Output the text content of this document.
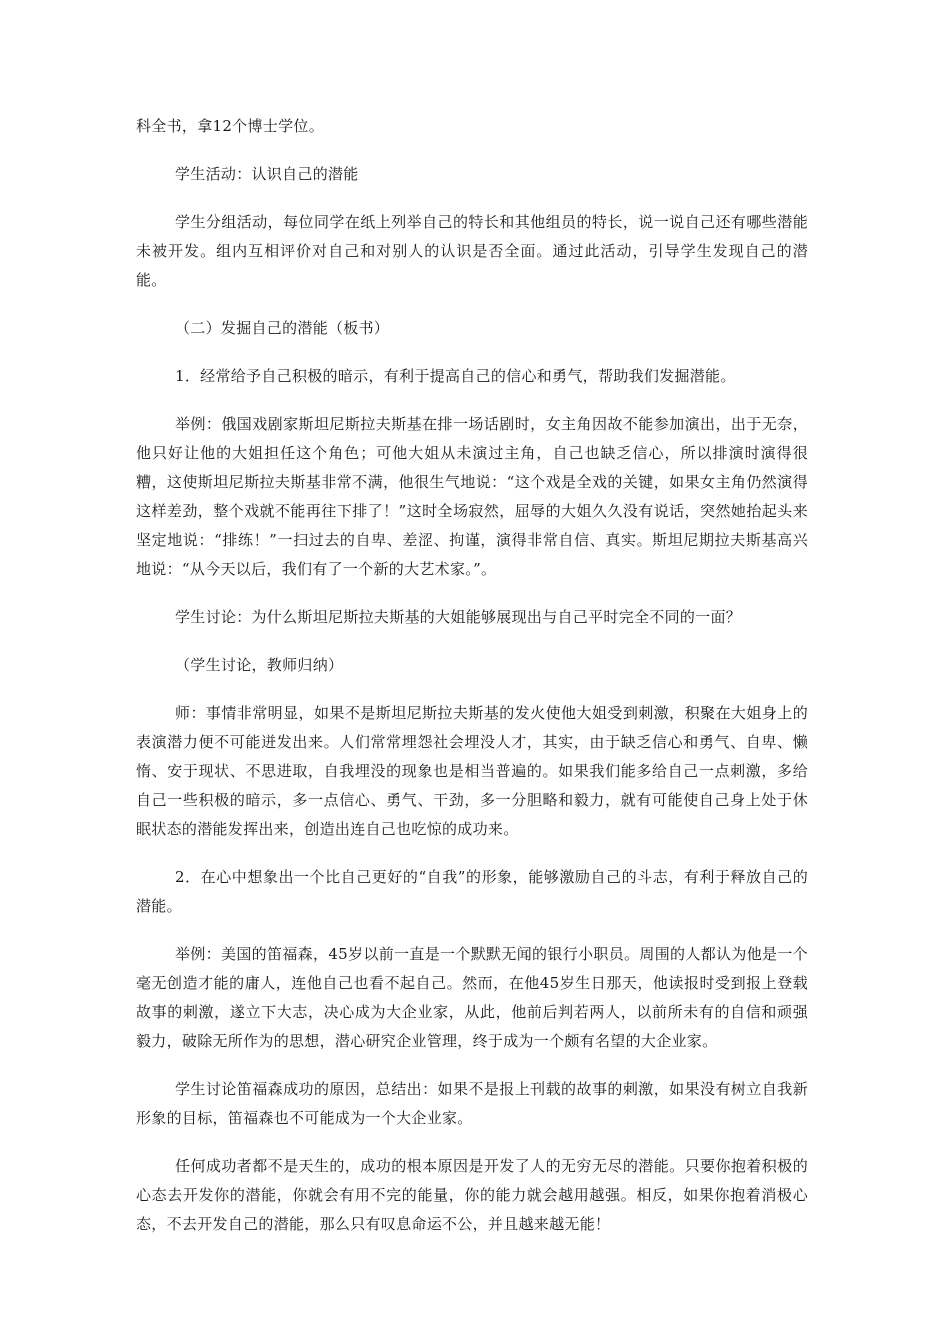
科全书，拿12个博士学位。

学生活动：认识自己的潜能

学生分组活动，每位同学在纸上列举自己的特长和其他组员的特长，说一说自己还有哪些潜能未被开发。组内互相评价对自己和对别人的认识是否全面。通过此活动，引导学生发现自己的潜能。

（二）发掘自己的潜能（板书）

1．经常给予自己积极的暗示，有利于提高自己的信心和勇气，帮助我们发掘潜能。

举例：俄国戏剧家斯坦尼斯拉夫斯基在排一场话剧时，女主角因故不能参加演出，出于无奈，他只好让他的大姐担任这个角色；可他大姐从未演过主角，自己也缺乏信心，所以排演时演得很糟，这使斯坦尼斯拉夫斯基非常不满，他很生气地说：“这个戏是全戏的关键，如果女主角仍然演得这样差劲，整个戏就不能再往下排了！”这时全场寂然，屈辱的大姐久久没有说话，突然她抬起头来坚定地说：“排练！”一扫过去的自卑、差涩、拘谨，演得非常自信、真实。斯坦尼期拉夫斯基高兴地说：“从今天以后，我们有了一个新的大艺术家。”。

学生讨论：为什么斯坦尼斯拉夫斯基的大姐能够展现出与自己平时完全不同的一面？

（学生讨论，教师归纳）

师：事情非常明显，如果不是斯坦尼斯拉夫斯基的发火使他大姐受到刺激，积聚在大姐身上的表演潜力便不可能迸发出来。人们常常埋怨社会埋没人才，其实，由于缺乏信心和勇气、自卑、懒惰、安于现状、不思进取，自我埋没的现象也是相当普遍的。如果我们能多给自己一点刺激，多给自己一些积极的暗示，多一点信心、勇气、干劲，多一分胆略和毅力，就有可能使自己身上处于休眠状态的潜能发挥出来，创造出连自己也吃惊的成功来。

2．在心中想象出一个比自己更好的“自我”的形象，能够激励自己的斗志，有利于释放自己的潜能。

举例：美国的笛福森，45岁以前一直是一个默默无闻的银行小职员。周围的人都认为他是一个毫无创造才能的庸人，连他自己也看不起自己。然而，在他45岁生日那天，他读报时受到报上登载故事的刺激，遂立下大志，决心成为大企业家，从此，他前后判若两人，以前所未有的自信和顽强毅力，破除无所作为的思想，潜心研究企业管理，终于成为一个颇有名望的大企业家。

学生讨论笛福森成功的原因，总结出：如果不是报上刊载的故事的刺激，如果没有树立自我新形象的目标，笛福森也不可能成为一个大企业家。

任何成功者都不是天生的，成功的根本原因是开发了人的无穷无尽的潜能。只要你抱着积极的心态去开发你的潜能，你就会有用不完的能量，你的能力就会越用越强。相反，如果你抱着消极心态，不去开发自己的潜能，那么只有叹息命运不公，并且越来越无能！
